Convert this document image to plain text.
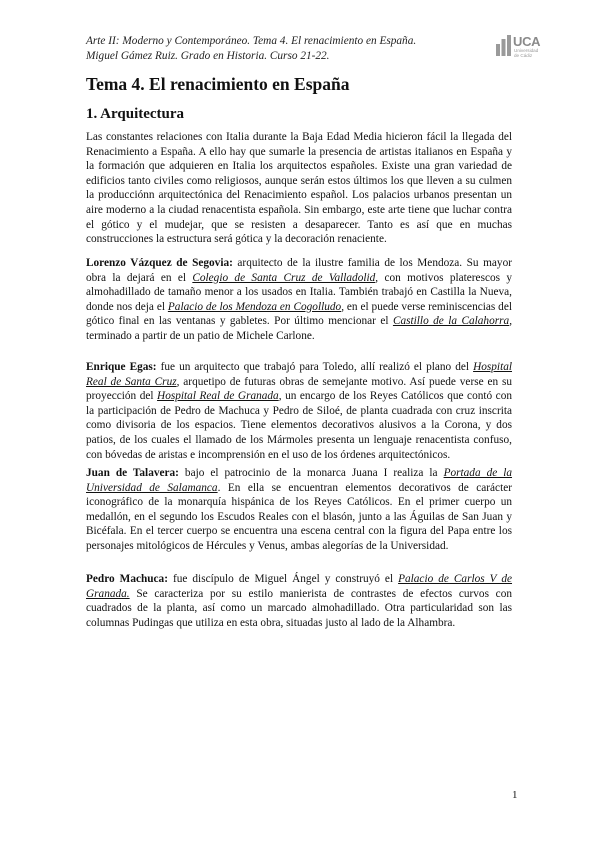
Arte II: Moderno y Contemporáneo. Tema 4. El renacimiento en España.
Miguel Gámez Ruiz. Grado en Historia. Curso 21-22.
UCA
Universidad
de Cádiz
Tema 4. El renacimiento en España
1. Arquitectura

Las constantes relaciones con Italia durante la Baja Edad Media hicieron fácil la llegada del Renacimiento a España. A ello hay que sumarle la presencia de artistas italianos en España y la formación que adquieren en Italia los arquitectos españoles. Existe una gran variedad de edificios tanto civiles como religiosos, aunque serán estos últimos los que lleven a su culmen la producciónn arquitectónica del Renacimiento español. Los palacios urbanos presentan un aire moderno a la ciudad renacentista española. Sin embargo, este arte tiene que luchar contra el gótico y el mudejar, que se resisten a desaparecer. Tanto es así que en muchas construcciones la estructura será gótica y la decoración renaciente.

Lorenzo Vázquez de Segovia: arquitecto de la ilustre familia de los Mendoza. Su mayor obra la dejará en el Colegio de Santa Cruz de Valladolid, con motivos platerescos y almohadillado de tamaño menor a los usados en Italia. También trabajó en Castilla la Nueva, donde nos deja el Palacio de los Mendoza en Cogolludo, en el puede verse reminiscencias del gótico final en las ventanas y gabletes. Por último mencionar el Castillo de la Calahorra, terminado a partir de un patio de Michele Carlone.

Enrique Egas: fue un arquitecto que trabajó para Toledo, allí realizó el plano del Hospital Real de Santa Cruz, arquetipo de futuras obras de semejante motivo. Así puede verse en su proyección del Hospital Real de Granada, un encargo de los Reyes Católicos que contó con la participación de Pedro de Machuca y Pedro de Siloé, de planta cuadrada con cruz inscrita como divisoria de los espacios. Tiene elementos decorativos alusivos a la Corona, y dos patios, de los cuales el llamado de los Mármoles presenta un lenguaje renacentista confuso, con bóvedas de aristas e incomprensión en el uso de los órdenes arquitectónicos.

Juan de Talavera: bajo el patrocinio de la monarca Juana I realiza la Portada de la Universidad de Salamanca. En ella se encuentran elementos decorativos de carácter iconográfico de la monarquía hispánica de los Reyes Católicos. En el primer cuerpo un medallón, en el segundo los Escudos Reales con el blasón, junto a las Águilas de San Juan y Bicéfala. En el tercer cuerpo se encuentra una escena central con la figura del Papa entre los personajes mitológicos de Hércules y Venus, ambas alegorías de la Universidad.

Pedro Machuca: fue discípulo de Miguel Ángel y construyó el Palacio de Carlos V de Granada. Se caracteriza por su estilo manierista de contrastes de efectos curvos con cuadrados de la planta, así como un marcado almohadillado. Otra particularidad son las columnas Pudingas que utiliza en esta obra, situadas justo al lado de la Alhambra.

1
